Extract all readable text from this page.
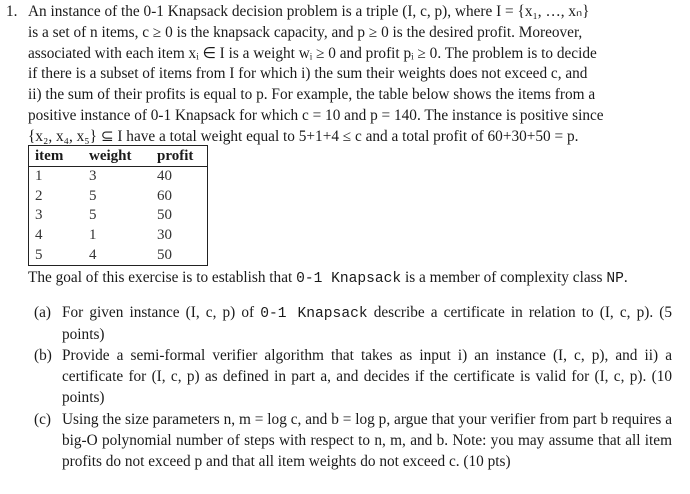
1. An instance of the 0-1 Knapsack decision problem is a triple (I, c, p), where I = {x₁, …, xₙ}
is a set of n items, c ≥ 0 is the knapsack capacity, and p ≥ 0 is the desired profit. Moreover,
associated with each item xᵢ ∈ I is a weight wᵢ ≥ 0 and profit pᵢ ≥ 0. The problem is to decide
if there is a subset of items from I for which i) the sum their weights does not exceed c, and
ii) the sum of their profits is equal to p. For example, the table below shows the items from a
positive instance of 0-1 Knapsack for which c = 10 and p = 140. The instance is positive since
{x₂, x₄, x₅} ⊆ I have a total weight equal to 5+1+4 ≤ c and a total profit of 60+30+50 = p.
item	weight	profit
1	3	40
2	5	60
3	5	50
4	1	30
5	4	50
The goal of this exercise is to establish that 0-1 Knapsack is a member of complexity class NP.
(a) For given instance (I, c, p) of 0-1 Knapsack describe a certificate in relation to (I, c, p). (5 points)
(b) Provide a semi-formal verifier algorithm that takes as input i) an instance (I, c, p), and ii) a certificate for (I, c, p) as defined in part a, and decides if the certificate is valid for (I, c, p). (10 points)
(c) Using the size parameters n, m = log c, and b = log p, argue that your verifier from part b requires a big-O polynomial number of steps with respect to n, m, and b. Note: you may assume that all item profits do not exceed p and that all item weights do not exceed c. (10 pts)
